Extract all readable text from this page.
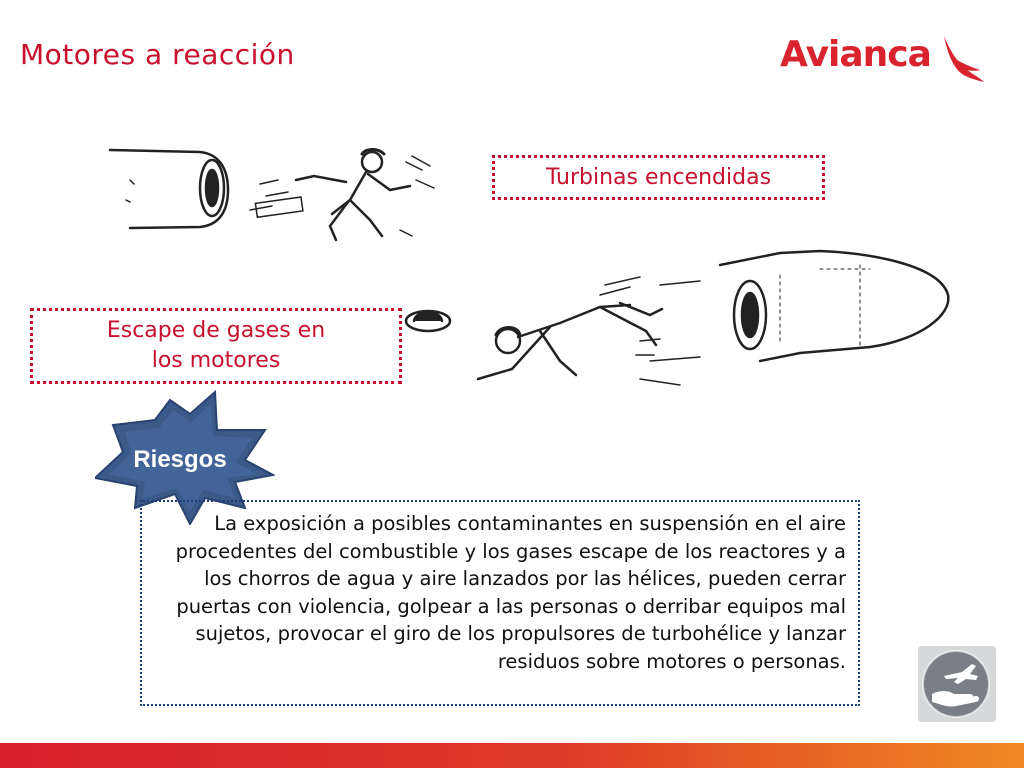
Motores a reacción	Avianca
Turbinas encendidas
Escape de gases en
los motores
Riesgos
La exposición a posibles contaminantes en suspensión en el aire procedentes del combustible y los gases escape de los reactores y a los chorros de agua y aire lanzados por las hélices, pueden cerrar puertas con violencia, golpear a las personas o derribar equipos mal sujetos, provocar el giro de los propulsores de turbohélice y lanzar residuos sobre motores o personas.
